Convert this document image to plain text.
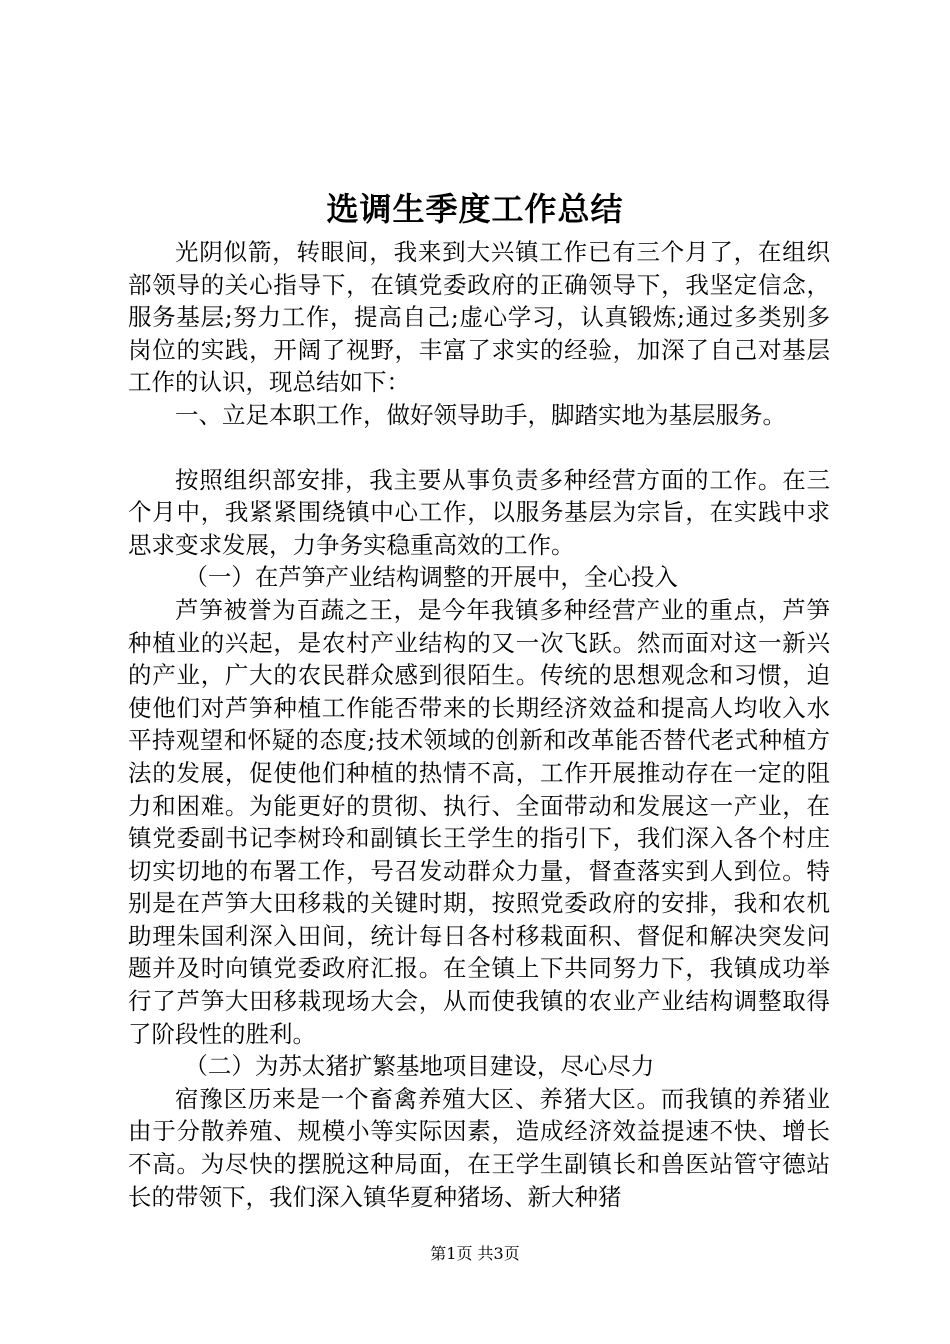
选调生季度工作总结

光阴似箭，转眼间，我来到大兴镇工作已有三个月了，在组织部领导的关心指导下，在镇党委政府的正确领导下，我坚定信念，服务基层;努力工作，提高自己;虚心学习，认真锻炼;通过多类别多岗位的实践，开阔了视野，丰富了求实的经验，加深了自己对基层工作的认识，现总结如下：

一、立足本职工作，做好领导助手，脚踏实地为基层服务。

按照组织部安排，我主要从事负责多种经营方面的工作。在三个月中，我紧紧围绕镇中心工作，以服务基层为宗旨，在实践中求思求变求发展，力争务实稳重高效的工作。

（一）在芦笋产业结构调整的开展中，全心投入

芦笋被誉为百蔬之王，是今年我镇多种经营产业的重点，芦笋种植业的兴起，是农村产业结构的又一次飞跃。然而面对这一新兴的产业，广大的农民群众感到很陌生。传统的思想观念和习惯，迫使他们对芦笋种植工作能否带来的长期经济效益和提高人均收入水平持观望和怀疑的态度;技术领域的创新和改革能否替代老式种植方法的发展，促使他们种植的热情不高，工作开展推动存在一定的阻力和困难。为能更好的贯彻、执行、全面带动和发展这一产业，在镇党委副书记李树玲和副镇长王学生的指引下，我们深入各个村庄切实切地的布署工作，号召发动群众力量，督查落实到人到位。特别是在芦笋大田移栽的关键时期，按照党委政府的安排，我和农机助理朱国利深入田间，统计每日各村移栽面积、督促和解决突发问题并及时向镇党委政府汇报。在全镇上下共同努力下，我镇成功举行了芦笋大田移栽现场大会，从而使我镇的农业产业结构调整取得了阶段性的胜利。

（二）为苏太猪扩繁基地项目建设，尽心尽力

宿豫区历来是一个畜禽养殖大区、养猪大区。而我镇的养猪业由于分散养殖、规模小等实际因素，造成经济效益提速不快、增长不高。为尽快的摆脱这种局面，在王学生副镇长和兽医站管守德站长的带领下，我们深入镇华夏种猪场、新大种猪

第1页 共3页
